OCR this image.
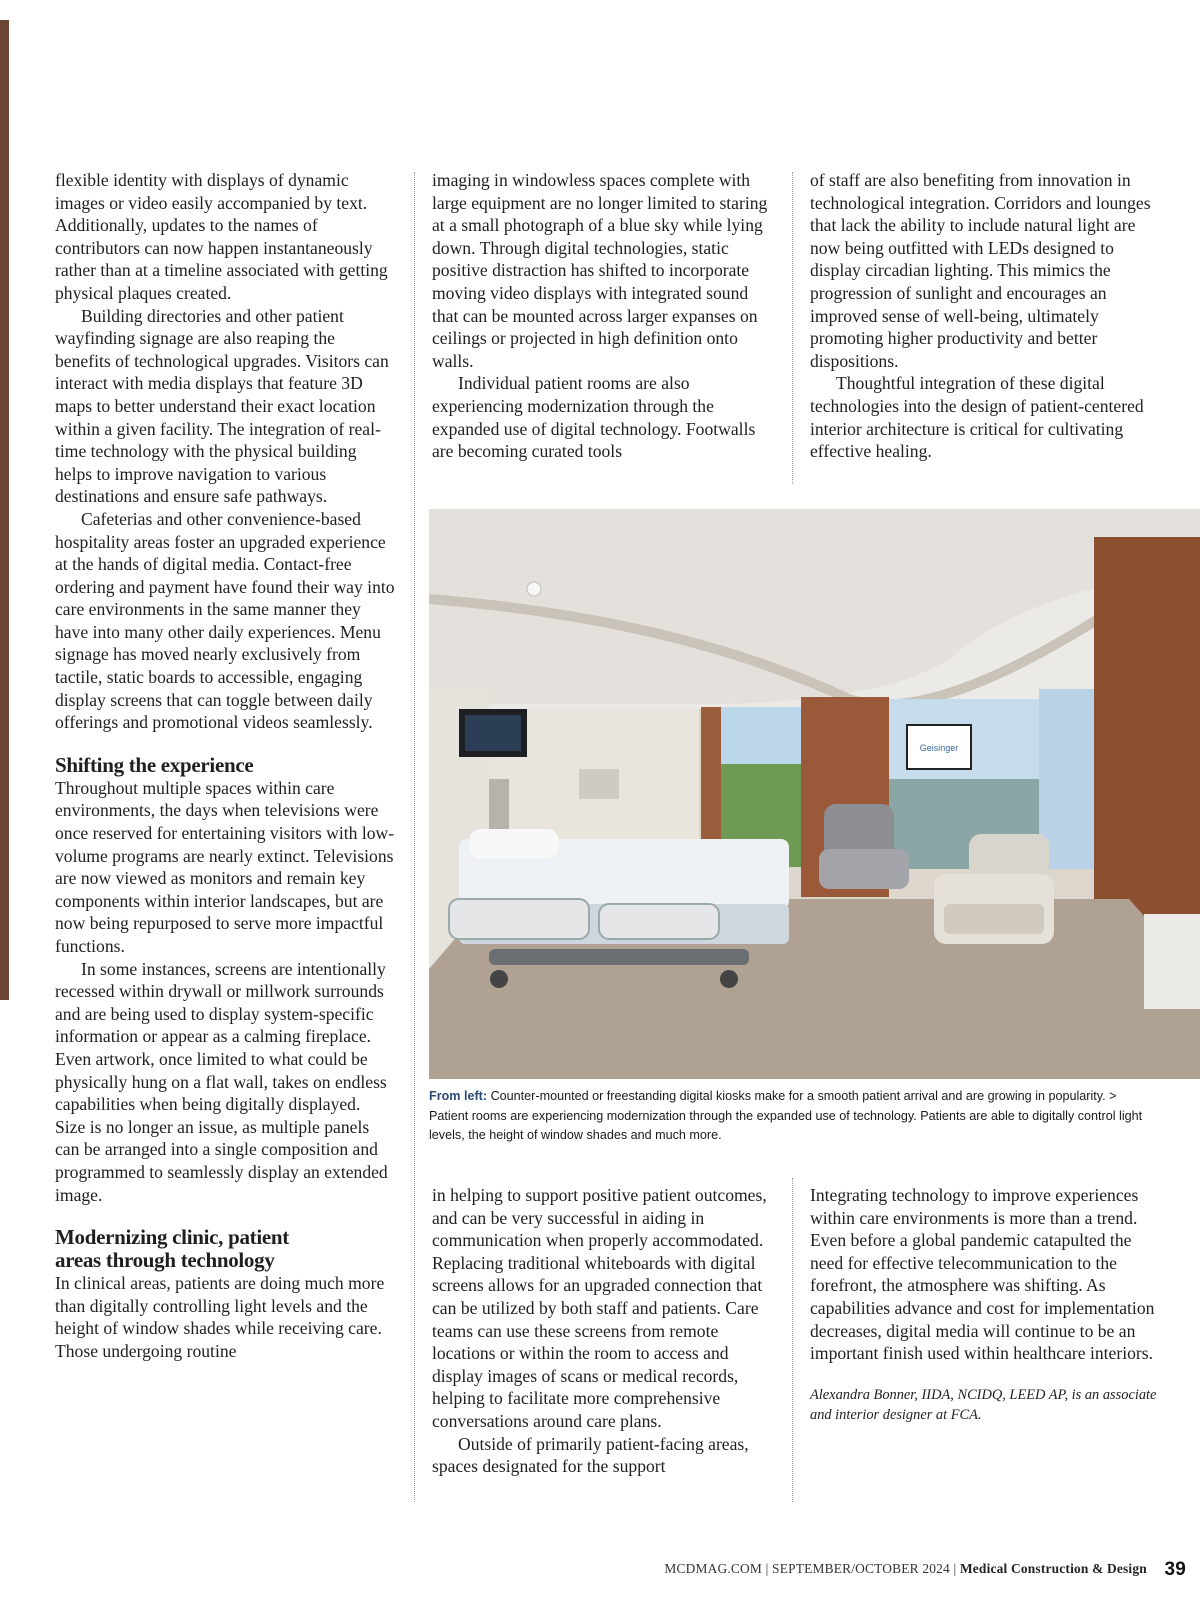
flexible identity with displays of dynamic images or video easily accompanied by text. Additionally, updates to the names of contributors can now happen instantaneously rather than at a timeline associated with getting physical plaques created.

Building directories and other patient wayfinding signage are also reaping the benefits of technological upgrades. Visitors can interact with media displays that feature 3D maps to better understand their exact location within a given facility. The integration of real-time technology with the physical building helps to improve navigation to various destinations and ensure safe pathways.

Cafeterias and other convenience-based hospitality areas foster an upgraded experience at the hands of digital media. Contact-free ordering and payment have found their way into care environments in the same manner they have into many other daily experiences. Menu signage has moved nearly exclusively from tactile, static boards to accessible, engaging display screens that can toggle between daily offerings and promotional videos seamlessly.

Shifting the experience

Throughout multiple spaces within care environments, the days when televisions were once reserved for entertaining visitors with low-volume programs are nearly extinct. Televisions are now viewed as monitors and remain key components within interior landscapes, but are now being repurposed to serve more impactful functions.

In some instances, screens are intentionally recessed within drywall or millwork surrounds and are being used to display system-specific information or appear as a calming fireplace. Even artwork, once limited to what could be physically hung on a flat wall, takes on endless capabilities when being digitally displayed. Size is no longer an issue, as multiple panels can be arranged into a single composition and programmed to seamlessly display an extended image.

Modernizing clinic, patient
areas through technology

In clinical areas, patients are doing much more than digitally controlling light levels and the height of window shades while receiving care. Those undergoing routine

imaging in windowless spaces complete with large equipment are no longer limited to staring at a small photograph of a blue sky while lying down. Through digital technologies, static positive distraction has shifted to incorporate moving video displays with integrated sound that can be mounted across larger expanses on ceilings or projected in high definition onto walls.

Individual patient rooms are also experiencing modernization through the expanded use of digital technology. Footwalls are becoming curated tools

of staff are also benefiting from innovation in technological integration. Corridors and lounges that lack the ability to include natural light are now being outfitted with LEDs designed to display circadian lighting. This mimics the progression of sunlight and encourages an improved sense of well-being, ultimately promoting higher productivity and better dispositions.

Thoughtful integration of these digital technologies into the design of patient-centered interior architecture is critical for cultivating effective healing.

Geisinger
From left: Counter-mounted or freestanding digital kiosks make for a smooth patient arrival and are growing in popularity. > Patient rooms are experiencing modernization through the expanded use of technology. Patients are able to digitally control light levels, the height of window shades and much more.

in helping to support positive patient outcomes, and can be very successful in aiding in communication when properly accommodated. Replacing traditional whiteboards with digital screens allows for an upgraded connection that can be utilized by both staff and patients. Care teams can use these screens from remote locations or within the room to access and display images of scans or medical records, helping to facilitate more comprehensive conversations around care plans.

Outside of primarily patient-facing areas, spaces designated for the support

Integrating technology to improve experiences within care environments is more than a trend. Even before a global pandemic catapulted the need for effective telecommunication to the forefront, the atmosphere was shifting. As capabilities advance and cost for implementation decreases, digital media will continue to be an important finish used within healthcare interiors.

Alexandra Bonner, IIDA, NCIDQ, LEED AP, is an associate and interior designer at FCA.

MCDMAG.COM | SEPTEMBER/OCTOBER 2024 | Medical Construction & Design 39
